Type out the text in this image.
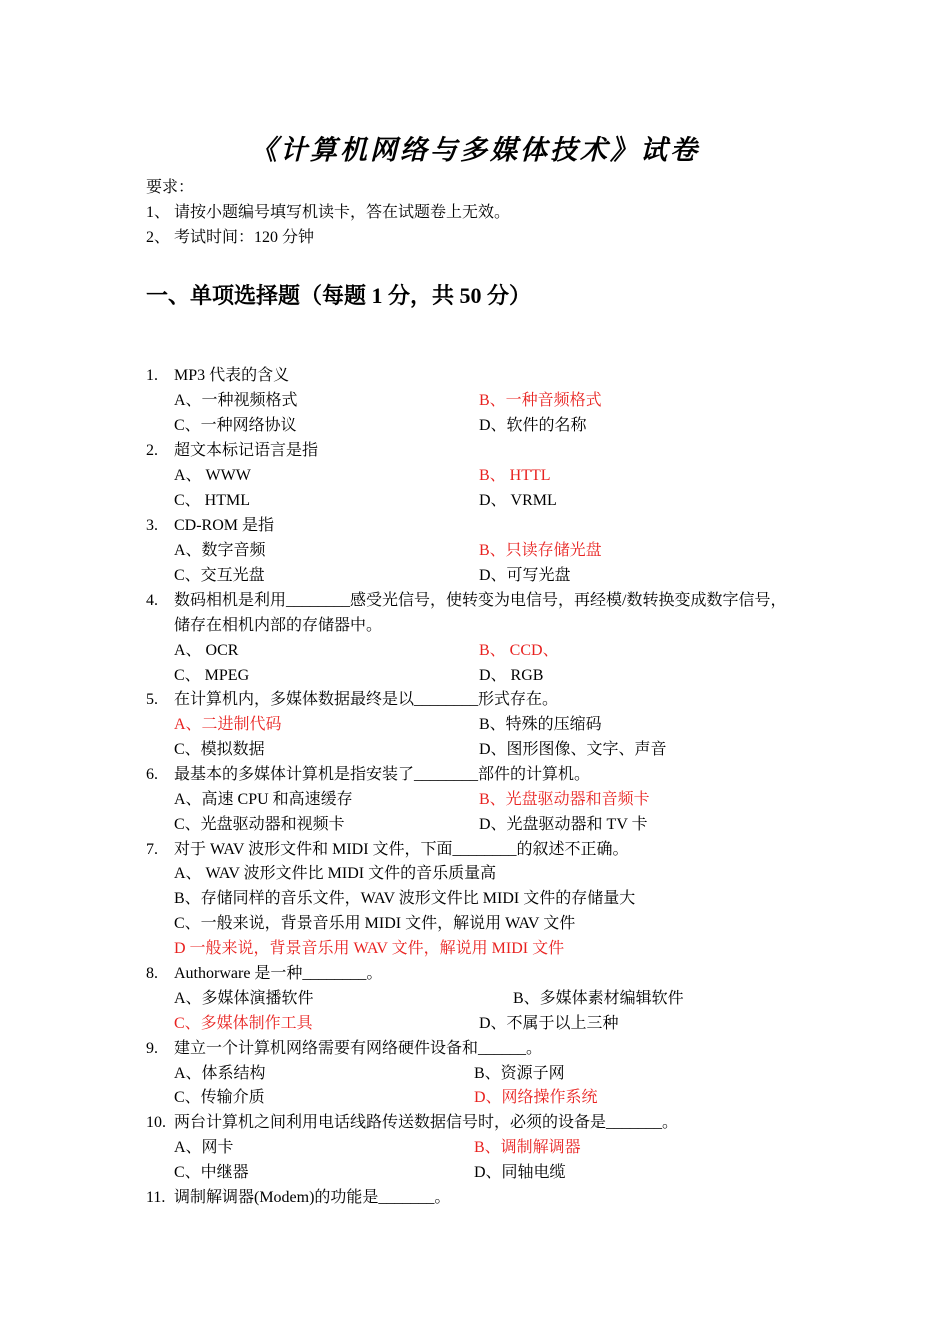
《计算机网络与多媒体技术》试卷
要求：
1、 请按小题编号填写机读卡，答在试题卷上无效。
2、 考试时间：120 分钟
一、单项选择题（每题 1 分，共 50 分）
1. MP3 代表的含义
A、一种视频格式	B、一种音频格式
C、一种网络协议	D、软件的名称
2. 超文本标记语言是指
A、 WWW	B、 HTTL
C、 HTML	D、 VRML
3. CD-ROM 是指
A、数字音频	B、只读存储光盘
C、交互光盘	D、可写光盘
4. 数码相机是利用________感受光信号，使转变为电信号，再经模/数转换变成数字信号，
储存在相机内部的存储器中。
A、 OCR	B、 CCD、
C、 MPEG	D、 RGB
5. 在计算机内，多媒体数据最终是以________形式存在。
A、二进制代码	B、特殊的压缩码
C、模拟数据	D、图形图像、文字、声音
6. 最基本的多媒体计算机是指安装了________部件的计算机。
A、高速 CPU 和高速缓存	B、光盘驱动器和音频卡
C、光盘驱动器和视频卡	D、光盘驱动器和 TV 卡
7. 对于 WAV 波形文件和 MIDI 文件，下面________的叙述不正确。
A、 WAV 波形文件比 MIDI 文件的音乐质量高
B、存储同样的音乐文件，WAV 波形文件比 MIDI 文件的存储量大
C、一般来说，背景音乐用 MIDI 文件，解说用 WAV 文件
D 一般来说，背景音乐用 WAV 文件，解说用 MIDI 文件
8. Authorware 是一种________。
A、多媒体演播软件	B、多媒体素材编辑软件
C、多媒体制作工具	D、不属于以上三种
9. 建立一个计算机网络需要有网络硬件设备和______。
A、体系结构	B、资源子网
C、传输介质	D、网络操作系统
10. 两台计算机之间利用电话线路传送数据信号时，必须的设备是_______。
A、网卡	B、调制解调器
C、中继器	D、同轴电缆
11. 调制解调器(Modem)的功能是_______。
